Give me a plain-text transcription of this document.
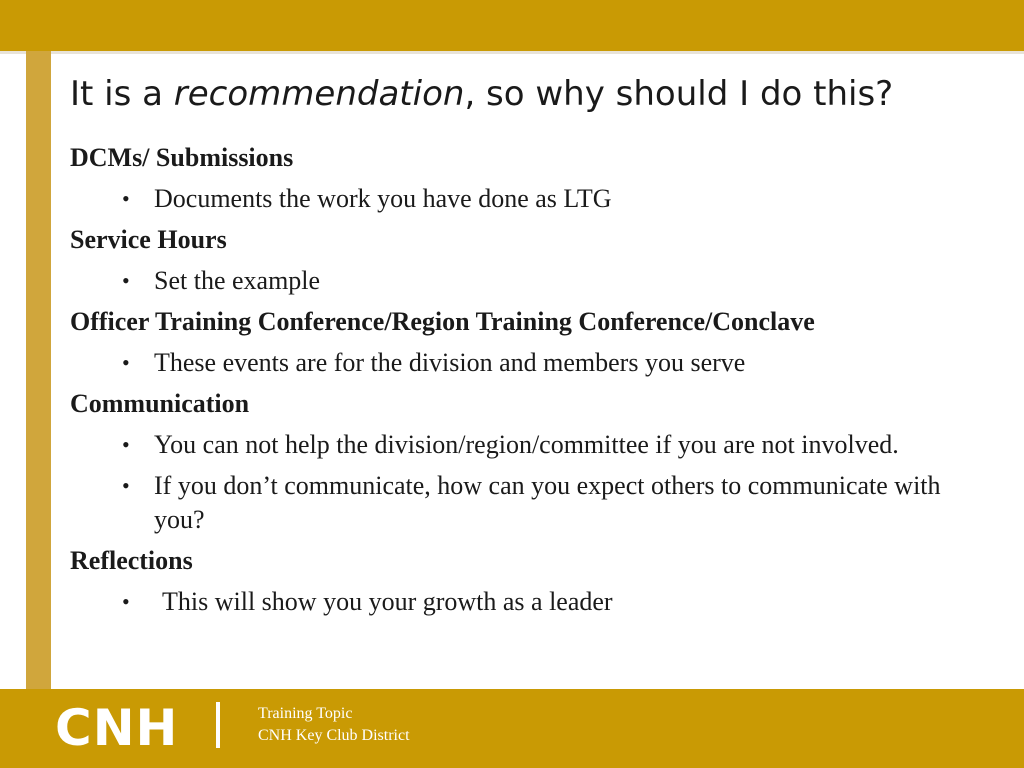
It is a recommendation, so why should I do this?
DCMs/ Submissions
• Documents the work you have done as LTG
Service Hours
• Set the example
Officer Training Conference/Region Training Conference/Conclave
• These events are for the division and members you serve
Communication
• You can not help the division/region/committee if you are not involved.
• If you don’t communicate, how can you expect others to communicate with you?
Reflections
• This will show you your growth as a leader
CNH	Training Topic
CNH Key Club District
